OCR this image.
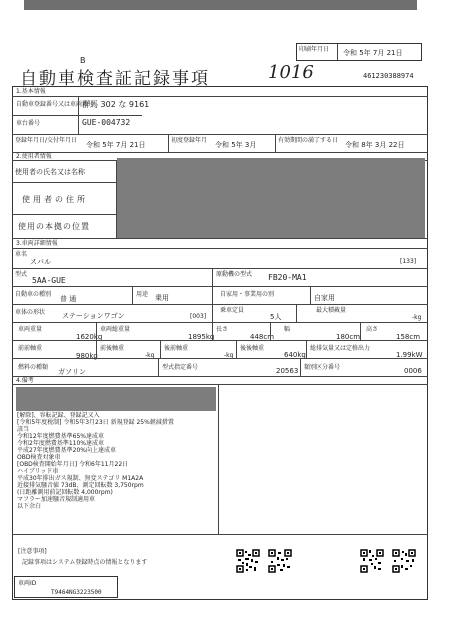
B
自動車検査証記録事項	1016
印刷年月日 令和 5年 7月 21日
461230388974
1.基本情報
自動車登録番号又は車両番号
群馬 302 な 9161
車台番号	GUE-004732
登録年月日/交付年月日
令和 5年 7月 21日
初度登録年月
令和 5年 3月
有効期間の満了する日
令和 8年 3月 22日
2.使用者情報
使用者の氏名又は名称
使用者の住所
使用の本拠の位置
3.車両詳細情報
車名
スバル	[133]
型式
5AA-GUE
原動機の型式 FB20-MA1
自動車の種別
普 通
用途 乗用	自家用・事業用の別	自家用
車体の形状 ステーションワゴン	[003]
乗車定員
5人
最大積載量
-kg
車両重量
1620kg
車両総重量
1895kg
長さ
448cm
幅
180cm
高さ
158cm
前前軸重
980kg
前後軸重
-kg
後前軸重
-kg
後後軸重
640kg
総排気量又は定格出力
1.99kW
燃料の種類
ガソリン
型式指定番号	20563 類別区分番号	0006
4.備考
[解除]、容転記録、登録記又入
[令和5年度税制] 令和5年3月23日 新規登録 25%軽減措置
該当
令和12年度燃費基準65%達成車
令和2年度燃費基準110%達成車
平成27年度燃費基準20%向上達成車
OBD検査対象車
[OBD検査開始年月日] 令和6年11月22日
ハイブリッド車
平成30年排出ガス規制、無変ステゴリ M1A2A
近接排気騒音値 73dB、測定回転数 3,750rpm
(日距離測用前記回転数 4,000rpm)
マフラー加速騒音規制適用車
以下余白
[注意事項]
記録事項はシステム登録時点の情報となります
車両ID
T9464NG3223500
